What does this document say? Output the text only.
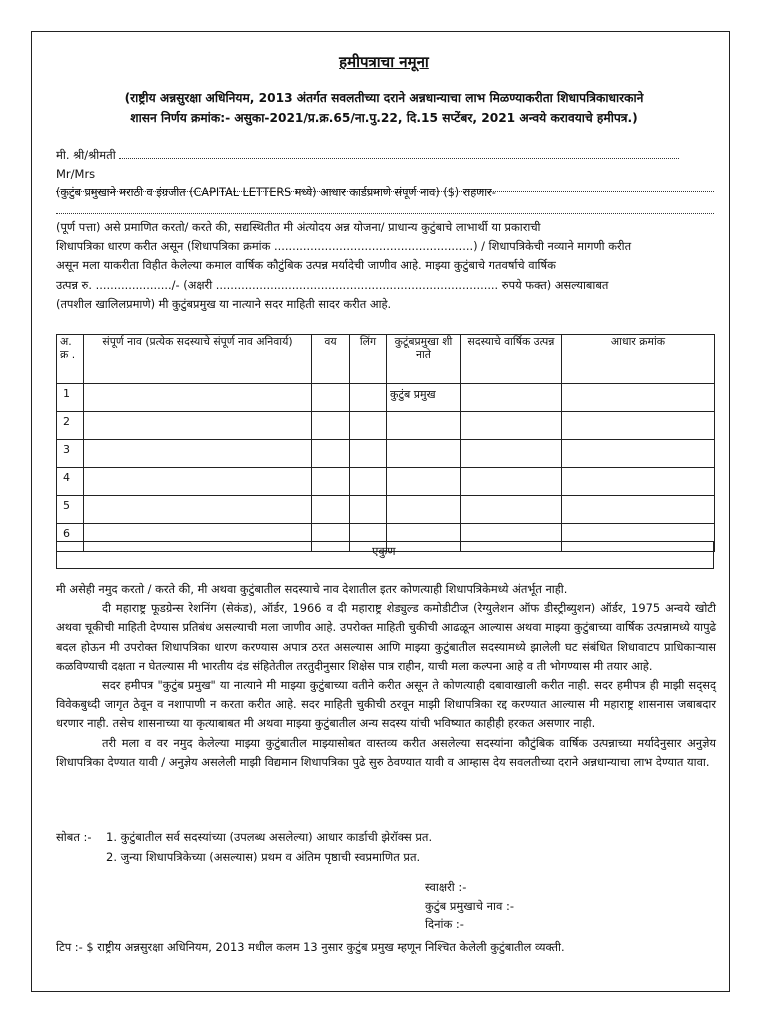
हमीपत्राचा नमूना
(राष्ट्रीय अन्नसुरक्षा अधिनियम, 2013 अंतर्गत सवलतीच्या दराने अन्नधान्याचा लाभ मिळण्याकरीता शिधापत्रिकाधारकाने
शासन निर्णय क्रमांक:- असुका-2021/प्र.क्र.65/ना.पु.22, दि.15 सप्टेंबर, 2021 अन्वये करावयाचे हमीपत्र.)
मी. श्री/श्रीमती
Mr/Mrs

(कुटुंब प्रमुखाने मराठी व इंग्रजीत (CAPITAL LETTERS मध्ये) आधार कार्डप्रमाणे संपूर्ण नाव) ($) राहणार-
(पूर्ण पत्ता) असे प्रमाणित करतो/ करते की, सद्यस्थितीत मी अंत्योदय अन्न योजना/ प्राधान्य कुटुंबाचे लाभार्थी या प्रकाराची
शिधापत्रिका धारण करीत असून (शिधापत्रिका क्रमांक .......................................................) / शिधापत्रिकेची नव्याने मागणी करीत
असून मला याकरीता विहीत केलेल्या कमाल वार्षिक कौटुंबिक उत्पन्न मर्यादेची जाणीव आहे. माझ्या कुटुंबाचे गतवर्षाचे वार्षिक
उत्पन्न रु. ...................../- (अक्षरी .............................................................................. रुपये फक्त) असल्याबाबत
(तपशील खालिलप्रमाणे) मी कुटुंबप्रमुख या नात्याने सदर माहिती सादर करीत आहे.
अ. क्र .	संपूर्ण नाव (प्रत्येक सदस्याचे संपूर्ण नाव अनिवार्य)	वय	लिंग	कुटूंबप्रमुखा शी नाते	सदस्याचे वार्षिक उत्पन्न	आधार क्रमांक
1				कुटुंब प्रमुख		
2						
3						
4						
5						
6						
एकुण
मी असेही नमुद करतो / करते की, मी अथवा कुटुंबातील सदस्याचे नाव देशातील इतर कोणत्याही शिधापत्रिकेमध्ये अंतर्भूत नाही.
दी महाराष्ट्र फूडग्रेन्स रेशनिंग (सेकंड), ऑर्डर, 1966 व दी महाराष्ट्र शेड्युल्ड कमोडीटीज (रेग्युलेशन ऑफ डीस्ट्रीब्युशन) ऑर्डर, 1975 अन्वये खोटी अथवा चूकीची माहिती देण्यास प्रतिबंध असल्याची मला जाणीव आहे. उपरोक्त माहिती चुकीची आढळून आल्यास अथवा माझ्या कुटुंबाच्या वार्षिक उत्पन्नामध्ये यापुढे बदल होऊन मी उपरोक्त शिधापत्रिका धारण करण्यास अपात्र ठरत असल्यास आणि माझ्या कुटुंबातील सदस्यामध्ये झालेली घट संबंधित शिधावाटप प्राधिकाऱ्यास कळविण्याची दक्षता न घेतल्यास मी भारतीय दंड संहितेतील तरतुदीनुसार शिक्षेस पात्र राहीन, याची मला कल्पना आहे व ती भोगण्यास मी तयार आहे.
सदर हमीपत्र "कुटुंब प्रमुख" या नात्याने मी माझ्या कुटुंबाच्या वतीने करीत असून ते कोणत्याही दबावाखाली करीत नाही. सदर हमीपत्र ही माझी सद्सद् विवेकबुध्दी जागृत ठेवून व नशापाणी न करता करीत आहे. सदर माहिती चुकीची ठरवून माझी शिधापत्रिका रद्द करण्यात आल्यास मी महाराष्ट्र शासनास जबाबदार धरणार नाही. तसेच शासनाच्या या कृत्याबाबत मी अथवा माझ्या कुटुंबातील अन्य सदस्य यांची भविष्यात काहीही हरकत असणार नाही.
तरी मला व वर नमुद केलेल्या माझ्या कुटुंबातील माझ्यासोबत वास्तव्य करीत असलेल्या सदस्यांना कौटुंबिक वार्षिक उत्पन्नाच्या मर्यादेनुसार अनुज्ञेय शिधापत्रिका देण्यात यावी / अनुज्ञेय असलेली माझी विद्यमान शिधापत्रिका पुढे सुरु ठेवण्यात यावी व आम्हास देय सवलतीच्या दराने अन्नधान्याचा लाभ देण्यात यावा.
सोबत :- 1. कुटुंबातील सर्व सदस्यांच्या (उपलब्ध असलेल्या) आधार कार्डाची झेरॉक्स प्रत.
2. जुन्या शिधापत्रिकेच्या (असल्यास) प्रथम व अंतिम पृष्ठाची स्वप्रमाणित प्रत.
स्वाक्षरी :-
कुटुंब प्रमुखाचे नाव :-
दिनांक :-
टिप :- $ राष्ट्रीय अन्नसुरक्षा अधिनियम, 2013 मधील कलम 13 नुसार कुटुंब प्रमुख म्हणून निश्चित केलेली कुटुंबातील व्यक्ती.
